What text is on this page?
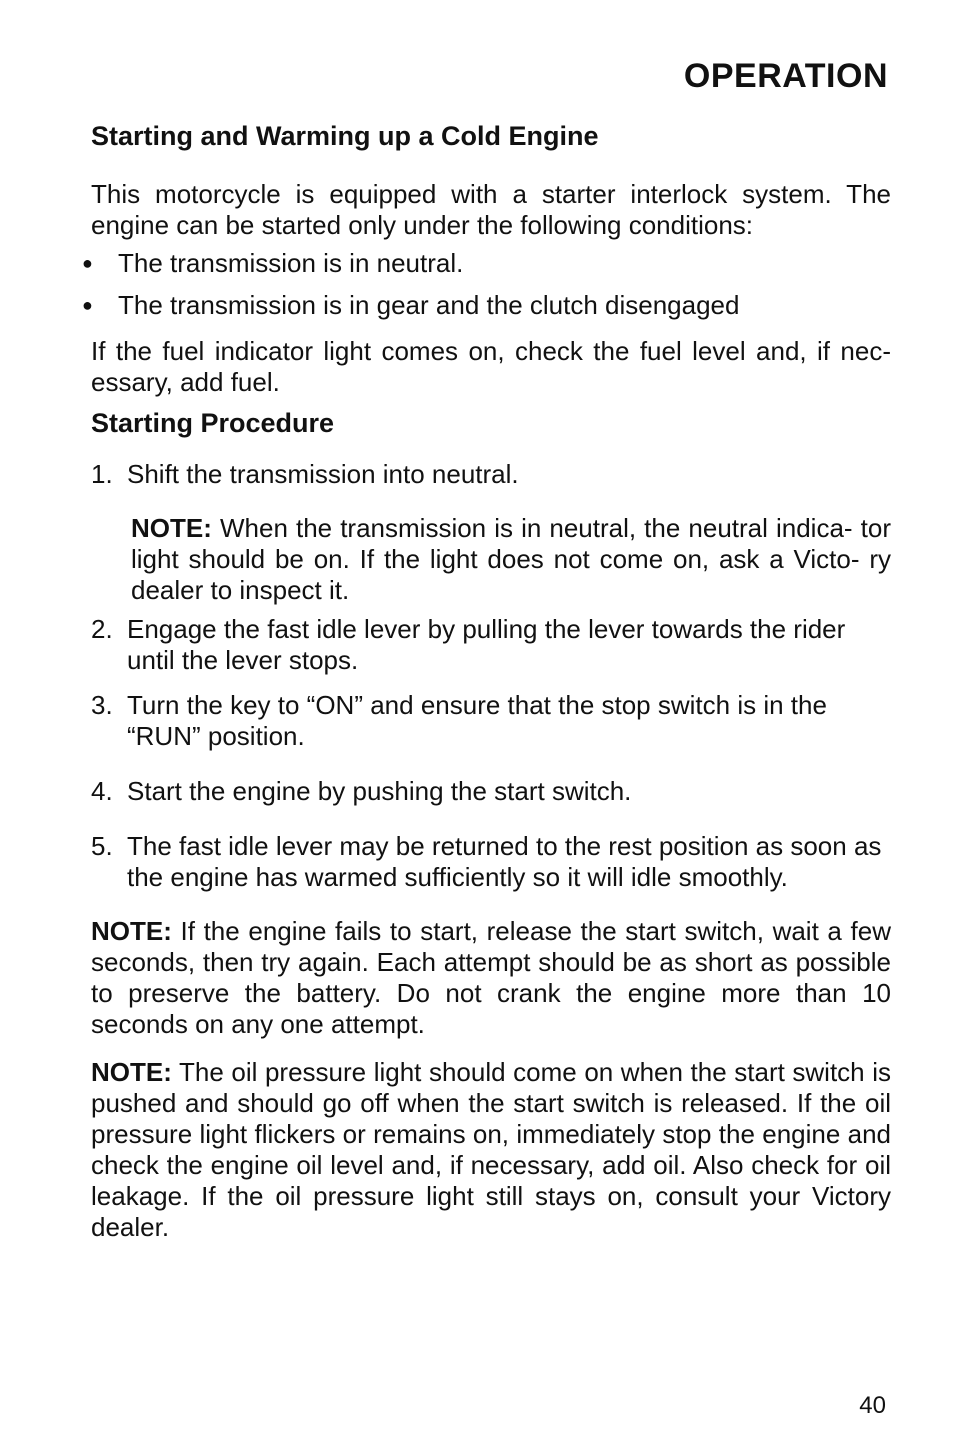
OPERATION
Starting and Warming up a Cold Engine

This motorcycle is equipped with a starter interlock system. The engine can be started only under the following conditions:

● The transmission is in neutral.
● The transmission is in gear and the clutch disengaged

If the fuel indicator light comes on, check the fuel level and, if nec- essary, add fuel.

Starting Procedure
1. Shift the transmission into neutral.

NOTE: When the transmission is in neutral, the neutral indica- tor light should be on. If the light does not come on, ask a Victo- ry dealer to inspect it.

2. Engage the fast idle lever by pulling the lever towards the rider until the lever stops.
3. Turn the key to “ON” and ensure that the stop switch is in the “RUN” position.
4. Start the engine by pushing the start switch.
5. The fast idle lever may be returned to the rest position as soon as the engine has warmed sufficiently so it will idle smoothly.

NOTE: If the engine fails to start, release the start switch, wait a few seconds, then try again. Each attempt should be as short as possible to preserve the battery. Do not crank the engine more than 10 seconds on any one attempt.

NOTE: The oil pressure light should come on when the start switch is pushed and should go off when the start switch is released. If the oil pressure light flickers or remains on, immediately stop the engine and check the engine oil level and, if necessary, add oil. Also check for oil leakage. If the oil pressure light still stays on, consult your Victory dealer.

40
